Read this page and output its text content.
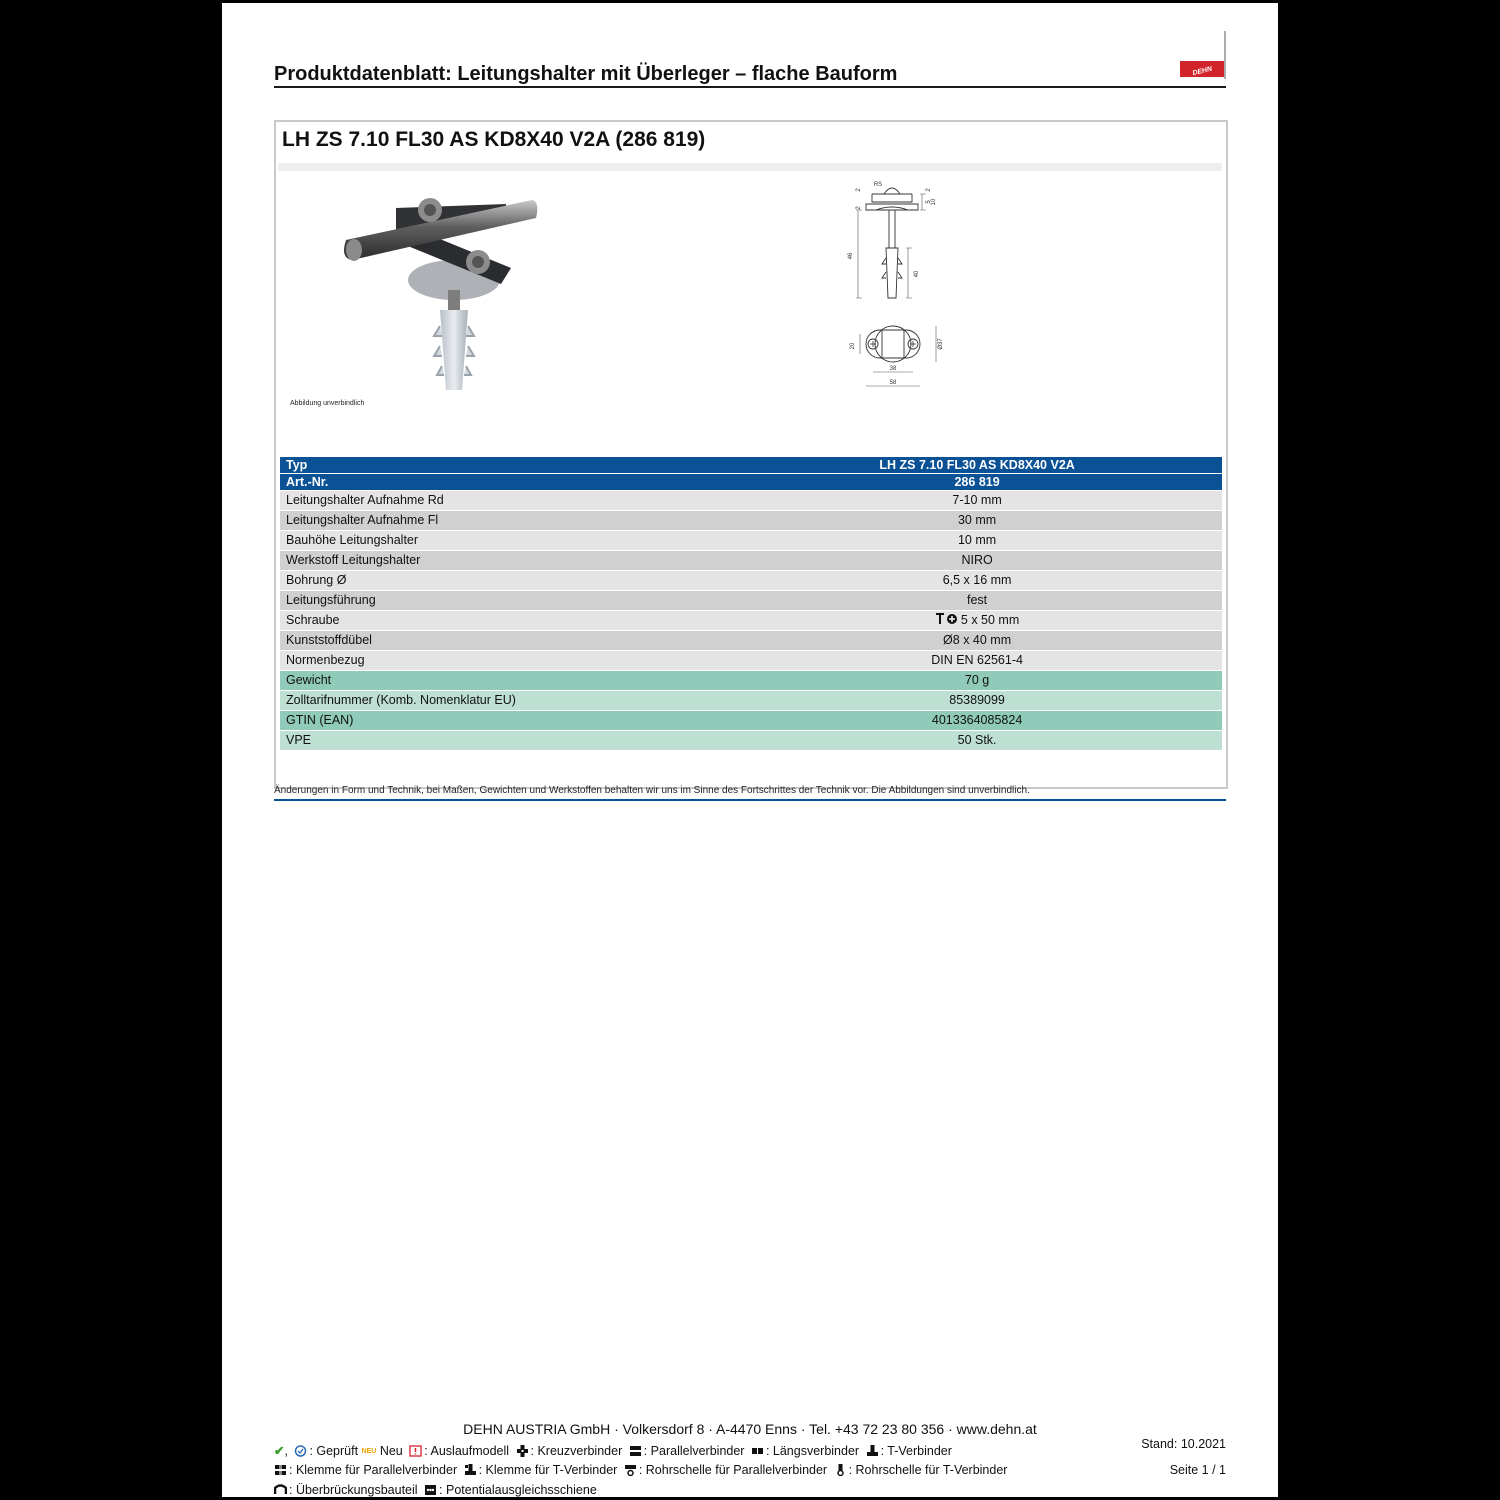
Produktdatenblatt: Leitungshalter mit Überleger – flache Bauform	DEHN
LH ZS 7.10 FL30 AS KD8X40 V2A (286 819)
RS
2	2
5 10
2
46
40
20	Ø37
38
58
Abbildung unverbindlich
Typ	LH ZS 7.10 FL30 AS KD8X40 V2A
Art.-Nr.	286 819
Leitungshalter Aufnahme Rd	7-10 mm
Leitungshalter Aufnahme Fl	30 mm
Bauhöhe Leitungshalter	10 mm
Werkstoff Leitungshalter	NIRO
Bohrung Ø	6,5 x 16 mm
Leitungsführung	fest
Schraube	5 x 50 mm
Kunststoffdübel	Ø8 x 40 mm
Normenbezug	DIN EN 62561-4
Gewicht	70 g
Zolltarifnummer (Komb. Nomenklatur EU)	85389099
GTIN (EAN)	4013364085824
VPE	50 Stk.
Änderungen in Form und Technik, bei Maßen, Gewichten und Werkstoffen behalten wir uns im Sinne des Fortschrittes der Technik vor. Die Abbildungen sind unverbindlich.
DEHN AUSTRIA GmbH · Volkersdorf 8 · A-4470 Enns · Tel. +43 72 23 80 356 · www.dehn.at
✔, : Geprüft NEU Neu : Auslaufmodell : Kreuzverbinder : Parallelverbinder : Längsverbinder : T-Verbinder
: Klemme für Parallelverbinder : Klemme für T-Verbinder : Rohrschelle für Parallelverbinder : Rohrschelle für T-Verbinder
: Überbrückungsbauteil : Potentialausgleichsschiene
Stand: 10.2021
Seite 1 / 1
